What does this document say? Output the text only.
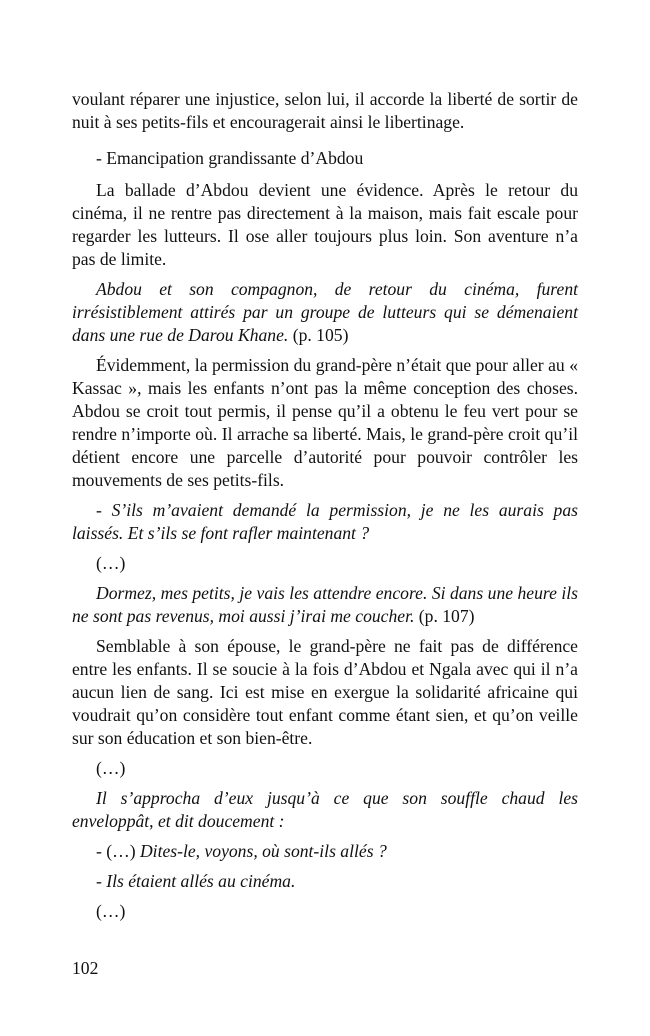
voulant réparer une injustice, selon lui, il accorde la liberté de sortir de nuit à ses petits-fils et encouragerait ainsi le libertinage.

- Emancipation grandissante d’Abdou

La ballade d’Abdou devient une évidence. Après le retour du cinéma, il ne rentre pas directement à la maison, mais fait escale pour regarder les lutteurs. Il ose aller toujours plus loin. Son aventure n’a pas de limite.

Abdou et son compagnon, de retour du cinéma, furent irrésistiblement attirés par un groupe de lutteurs qui se démenaient dans une rue de Darou Khane. (p. 105)

Évidemment, la permission du grand-père n’était que pour aller au « Kassac », mais les enfants n’ont pas la même conception des choses. Abdou se croit tout permis, il pense qu’il a obtenu le feu vert pour se rendre n’importe où. Il arrache sa liberté. Mais, le grand-père croit qu’il détient encore une parcelle d’autorité pour pouvoir contrôler les mouvements de ses petits-fils.

- S’ils m’avaient demandé la permission, je ne les aurais pas laissés. Et s’ils se font rafler maintenant ?

(…)

Dormez, mes petits, je vais les attendre encore. Si dans une heure ils ne sont pas revenus, moi aussi j’irai me coucher. (p. 107)

Semblable à son épouse, le grand-père ne fait pas de différence entre les enfants. Il se soucie à la fois d’Abdou et Ngala avec qui il n’a aucun lien de sang. Ici est mise en exergue la solidarité africaine qui voudrait qu’on considère tout enfant comme étant sien, et qu’on veille sur son éducation et son bien-être.

(…)

Il s’approcha d’eux jusqu’à ce que son souffle chaud les enveloppât, et dit doucement :

- (…) Dites-le, voyons, où sont-ils allés ?

- Ils étaient allés au cinéma.

(…)

102
